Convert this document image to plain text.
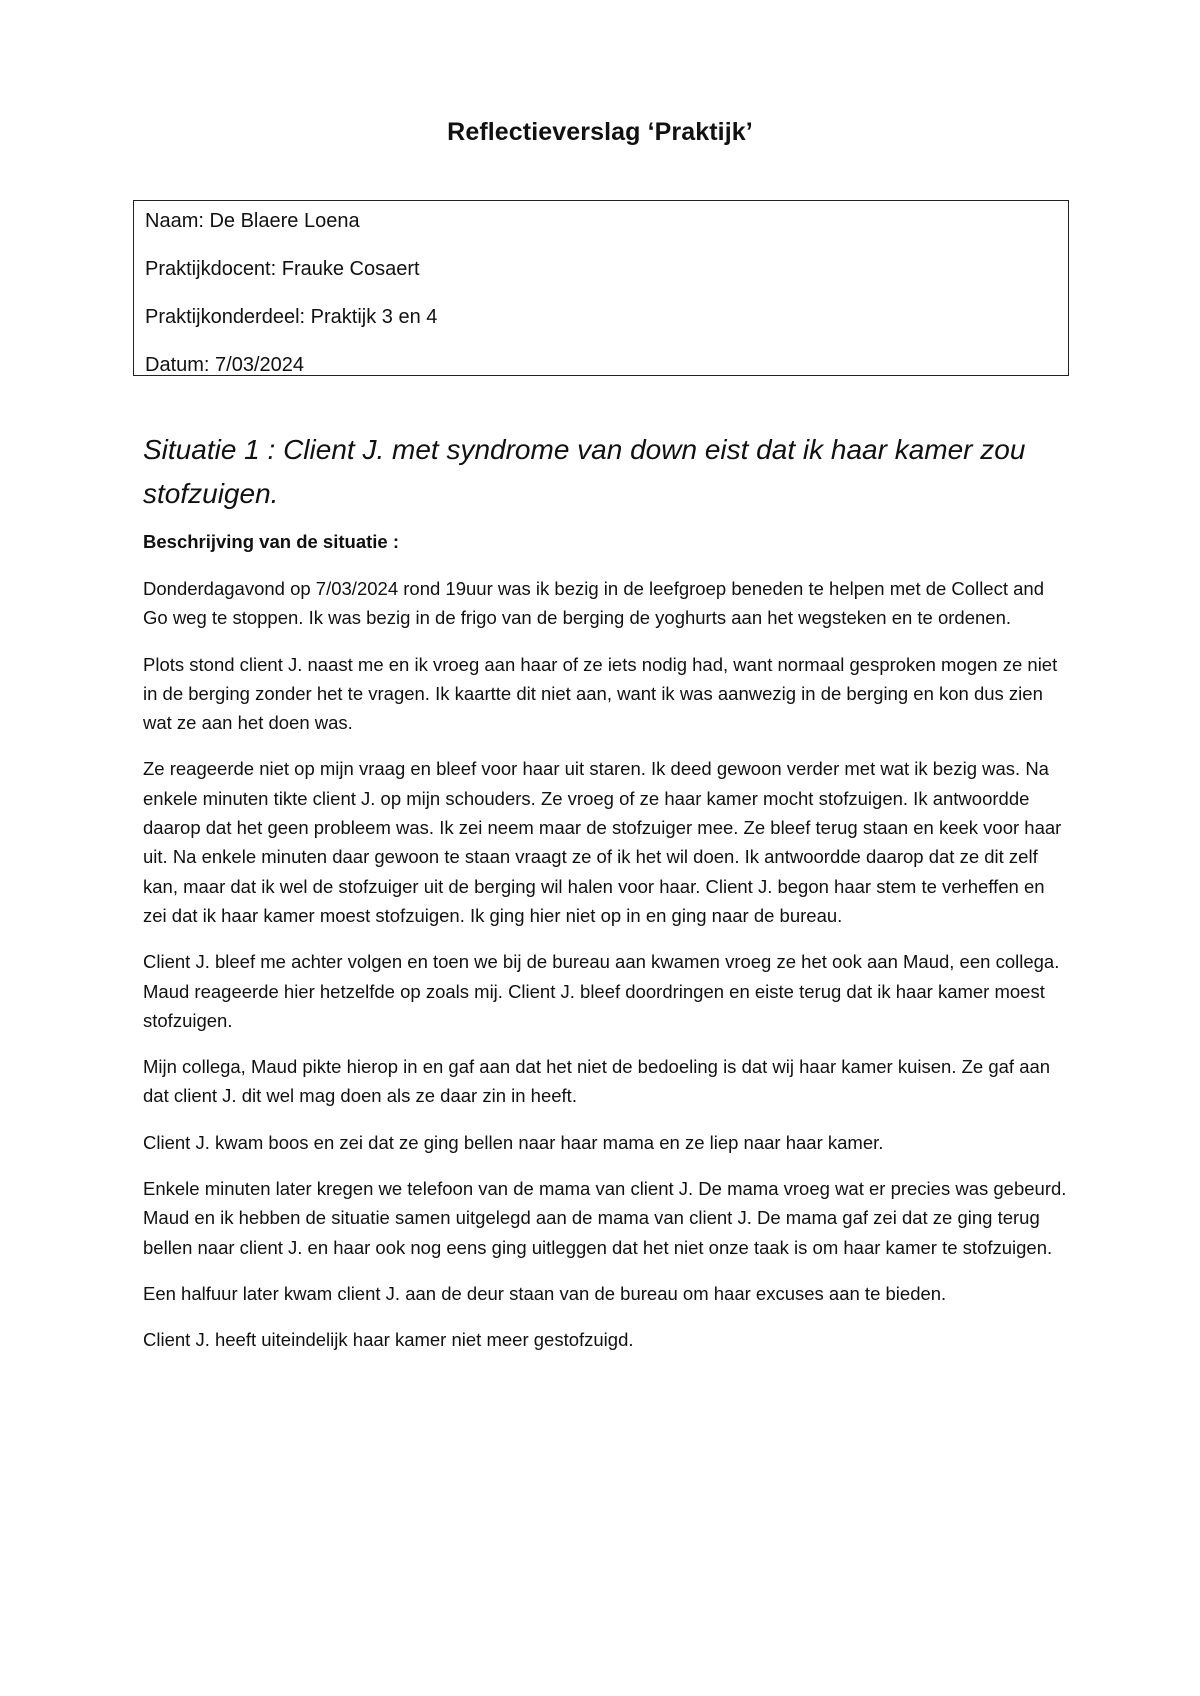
Reflectieverslag ‘Praktijk’
Naam: De Blaere Loena
Praktijkdocent: Frauke Cosaert
Praktijkonderdeel: Praktijk 3 en 4
Datum: 7/03/2024
Situatie 1 : Client J. met syndrome van down eist dat ik haar kamer zou stofzuigen.
Beschrijving van de situatie :

Donderdagavond op 7/03/2024 rond 19uur was ik bezig in de leefgroep beneden te helpen met de Collect and Go weg te stoppen. Ik was bezig in de frigo van de berging de yoghurts aan het wegsteken en te ordenen.

Plots stond client J. naast me en ik vroeg aan haar of ze iets nodig had, want normaal gesproken mogen ze niet in de berging zonder het te vragen. Ik kaartte dit niet aan, want ik was aanwezig in de berging en kon dus zien wat ze aan het doen was.

Ze reageerde niet op mijn vraag en bleef voor haar uit staren. Ik deed gewoon verder met wat ik bezig was. Na enkele minuten tikte client J. op mijn schouders. Ze vroeg of ze haar kamer mocht stofzuigen. Ik antwoordde daarop dat het geen probleem was. Ik zei neem maar de stofzuiger mee. Ze bleef terug staan en keek voor haar uit. Na enkele minuten daar gewoon te staan vraagt ze of ik het wil doen. Ik antwoordde daarop dat ze dit zelf kan, maar dat ik wel de stofzuiger uit de berging wil halen voor haar. Client J. begon haar stem te verheffen en zei dat ik haar kamer moest stofzuigen. Ik ging hier niet op in en ging naar de bureau.

Client J. bleef me achter volgen en toen we bij de bureau aan kwamen vroeg ze het ook aan Maud, een collega. Maud reageerde hier hetzelfde op zoals mij. Client J. bleef doordringen en eiste terug dat ik haar kamer moest stofzuigen.

Mijn collega, Maud pikte hierop in en gaf aan dat het niet de bedoeling is dat wij haar kamer kuisen. Ze gaf aan dat client J. dit wel mag doen als ze daar zin in heeft.

Client J. kwam boos en zei dat ze ging bellen naar haar mama en ze liep naar haar kamer.

Enkele minuten later kregen we telefoon van de mama van client J. De mama vroeg wat er precies was gebeurd. Maud en ik hebben de situatie samen uitgelegd aan de mama van client J. De mama gaf zei dat ze ging terug bellen naar client J. en haar ook nog eens ging uitleggen dat het niet onze taak is om haar kamer te stofzuigen.

Een halfuur later kwam client J. aan de deur staan van de bureau om haar excuses aan te bieden.

Client J. heeft uiteindelijk haar kamer niet meer gestofzuigd.
